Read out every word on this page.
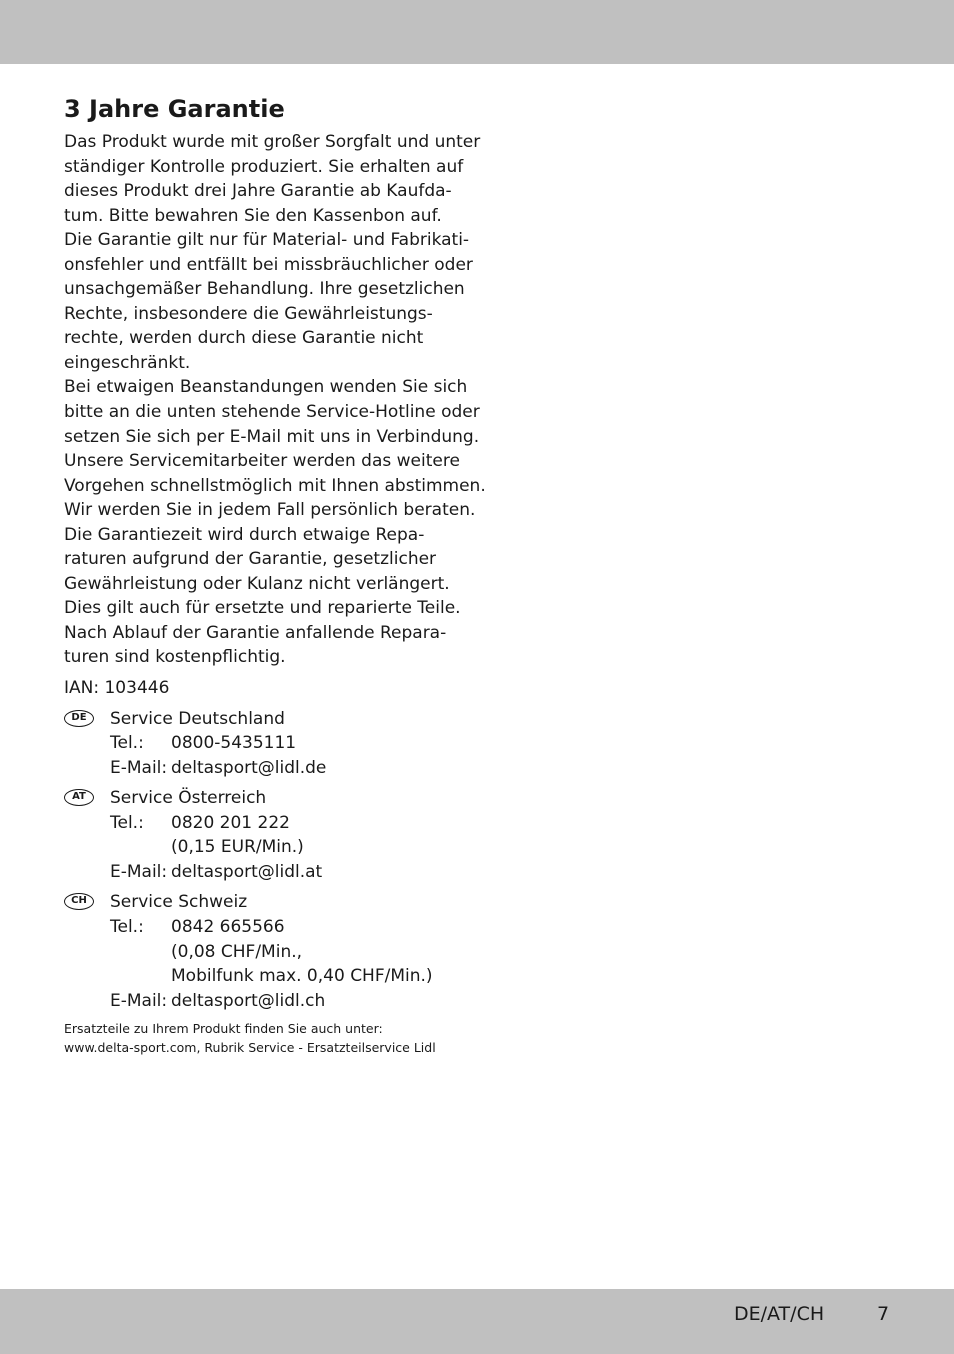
3 Jahre Garantie
Das Produkt wurde mit großer Sorgfalt und unter
ständiger Kontrolle produziert. Sie erhalten auf
dieses Produkt drei Jahre Garantie ab Kaufda-
tum. Bitte bewahren Sie den Kassenbon auf.
Die Garantie gilt nur für Material- und Fabrikati-
onsfehler und entfällt bei missbräuchlicher oder
unsachgemäßer Behandlung. Ihre gesetzlichen
Rechte, insbesondere die Gewährleistungs-
rechte, werden durch diese Garantie nicht
eingeschränkt.
Bei etwaigen Beanstandungen wenden Sie sich
bitte an die unten stehende Service-Hotline oder
setzen Sie sich per E-Mail mit uns in Verbindung.
Unsere Servicemitarbeiter werden das weitere
Vorgehen schnellstmöglich mit Ihnen abstimmen.
Wir werden Sie in jedem Fall persönlich beraten.
Die Garantiezeit wird durch etwaige Repa-
raturen aufgrund der Garantie, gesetzlicher
Gewährleistung oder Kulanz nicht verlängert.
Dies gilt auch für ersetzte und reparierte Teile.
Nach Ablauf der Garantie anfallende Repara-
turen sind kostenpflichtig.
IAN: 103446
DE	Service Deutschland
Tel.:	0800-5435111
E-Mail: deltasport@lidl.de
AT	Service Österreich
Tel.:	0820 201 222
(0,15 EUR/Min.)
E-Mail: deltasport@lidl.at
CH	Service Schweiz
Tel.:	0842 665566
(0,08 CHF/Min.,
Mobilfunk max. 0,40 CHF/Min.)
E-Mail: deltasport@lidl.ch
Ersatzteile zu Ihrem Produkt finden Sie auch unter:
www.delta-sport.com, Rubrik Service - Ersatzteilservice Lidl
DE/AT/CH	7
